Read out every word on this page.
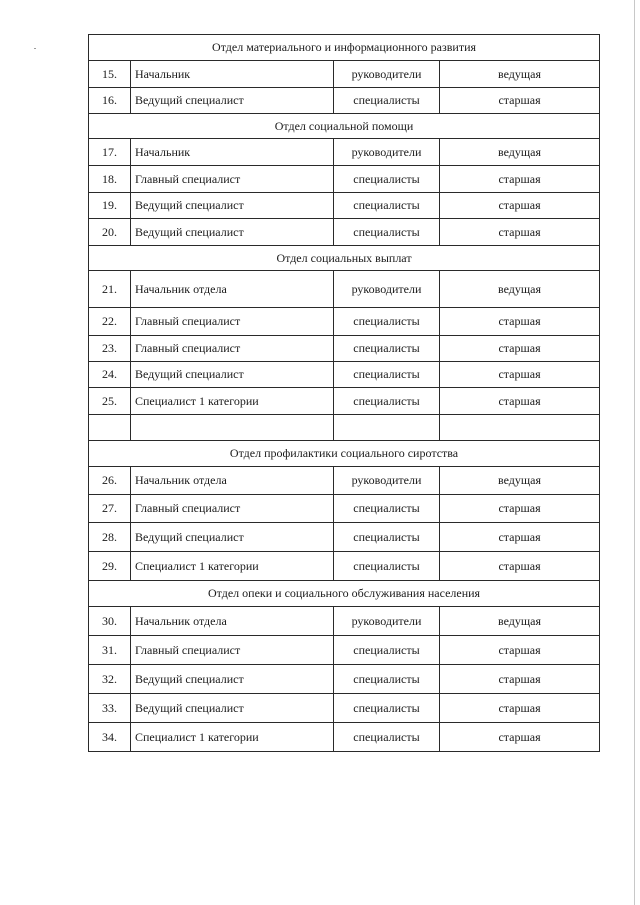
Отдел материального и информационного развития			
15.	Начальник	руководители	ведущая
16.	Ведущий специалист	специалисты	старшая
Отдел социальной помощи			
17.	Начальник	руководители	ведущая
18.	Главный специалист	специалисты	старшая
19.	Ведущий специалист	специалисты	старшая
20.	Ведущий специалист	специалисты	старшая
Отдел социальных выплат			
21.	Начальник отдела	руководители	ведущая
22.	Главный специалист	специалисты	старшая
23.	Главный специалист	специалисты	старшая
24.	Ведущий специалист	специалисты	старшая
25.	Специалист 1 категории	специалисты	старшая

Отдел профилактики социального сиротства			
26.	Начальник отдела	руководители	ведущая
27.	Главный специалист	специалисты	старшая
28.	Ведущий специалист	специалисты	старшая
29.	Специалист 1 категории	специалисты	старшая
Отдел опеки и социального обслуживания населения			
30.	Начальник отдела	руководители	ведущая
31.	Главный специалист	специалисты	старшая
32.	Ведущий специалист	специалисты	старшая
33.	Ведущий специалист	специалисты	старшая
34.	Специалист 1 категории	специалисты	старшая
